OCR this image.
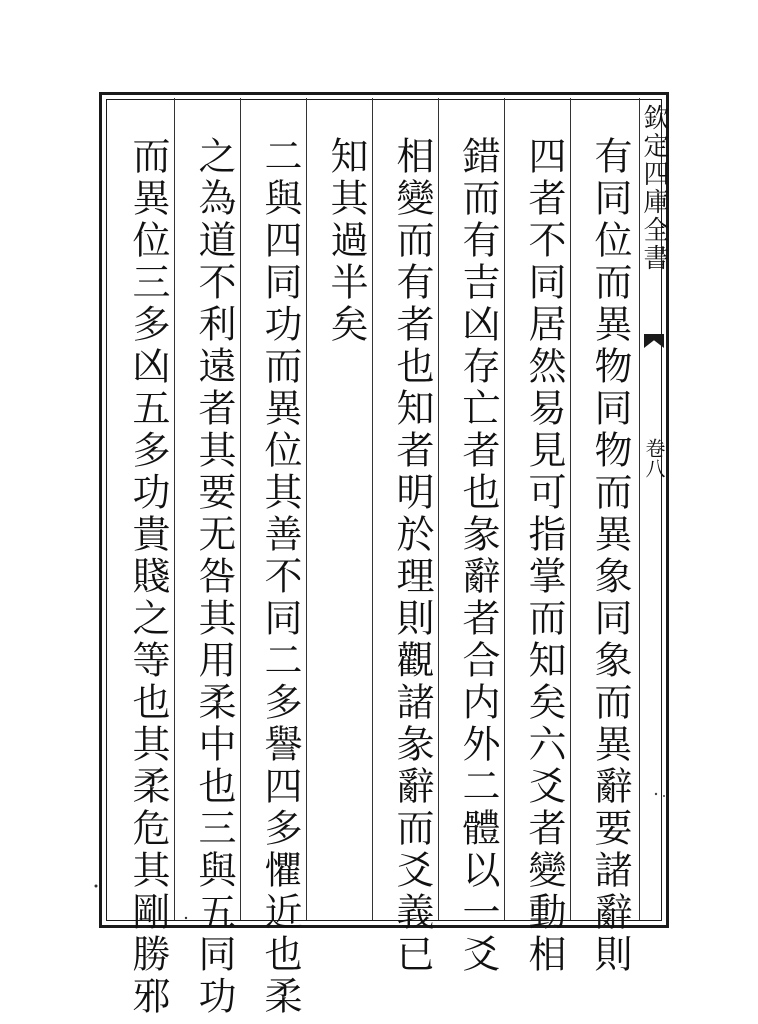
有同位而異物同物而異象同象而異辭要諸辭則
四者不同居然易見可指掌而知矣六爻者變動相
錯而有吉凶存亡者也彖辭者合内外二體以一爻
相變而有者也知者明於理則觀諸彖辭而爻義已
知其過半矣
二與四同功而異位其善不同二多譽四多懼近也柔
之為道不利遠者其要无咎其用柔中也三與五同功
而異位三多凶五多功貴賤之等也其柔危其剛勝邪	欽定四庫全書
卷八
